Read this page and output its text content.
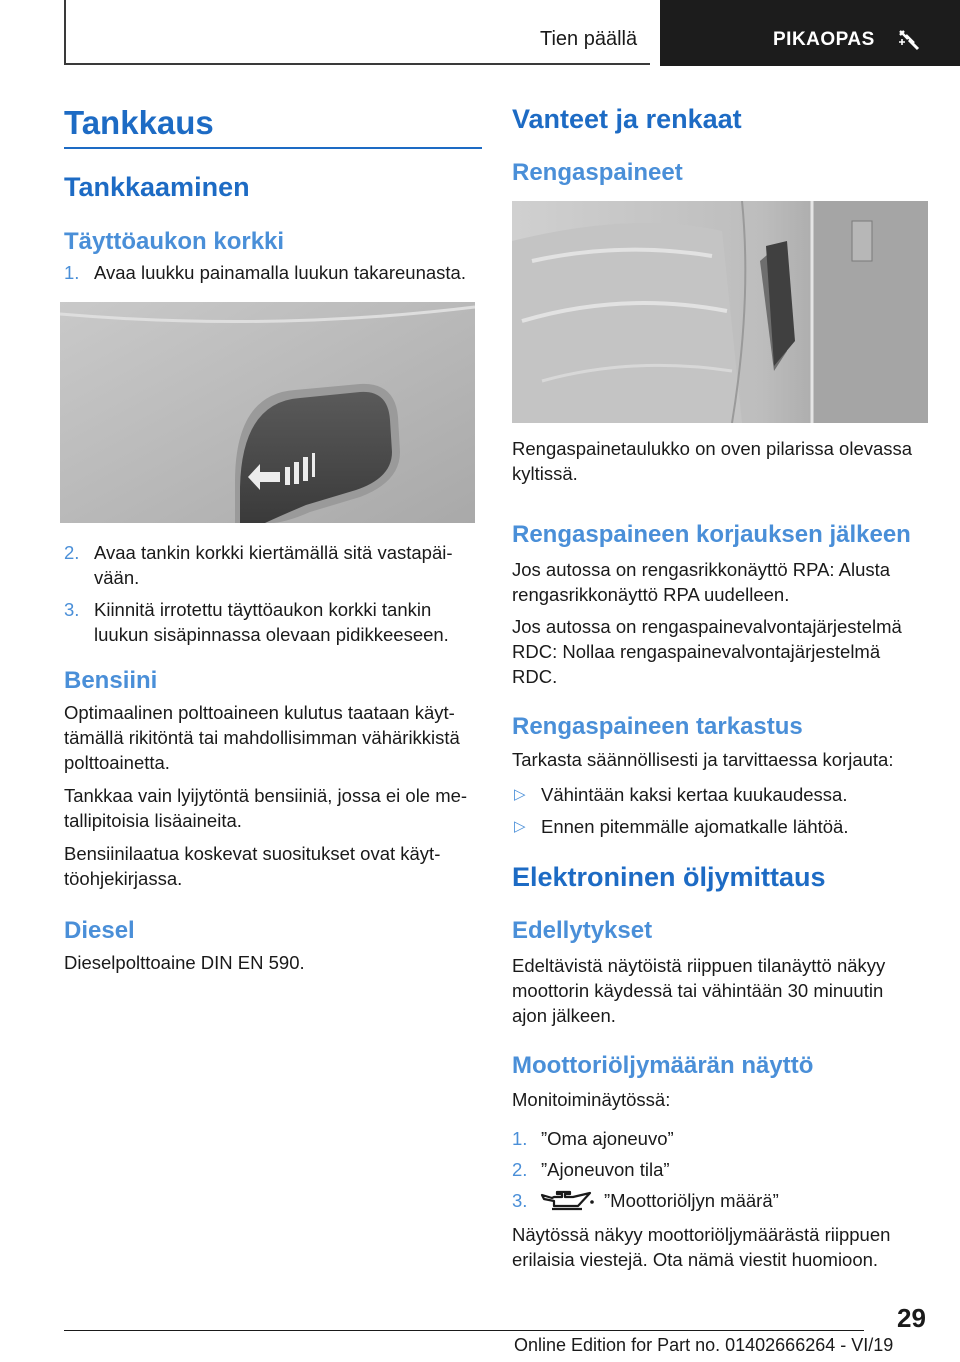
Tien päällä	PIKAOPAS
Tankkaus
Tankkaaminen
Täyttöaukon korkki
1. Avaa luukku painamalla luukun takareunasta.
2. Avaa tankin korkki kiertämällä sitä vastapäi-
vään.
3. Kiinnitä irrotettu täyttöaukon korkki tankin
luukun sisäpinnassa olevaan pidikkeeseen.
Bensiini
Optimaalinen polttoaineen kulutus taataan käyt-
tämällä rikitöntä tai mahdollisimman vähärikkistä
polttoainetta.
Tankkaa vain lyijytöntä bensiiniä, jossa ei ole me-
tallipitoisia lisäaineita.
Bensiinilaatua koskevat suositukset ovat käyt-
töohjekirjassa.
Diesel
Dieselpolttoaine DIN EN 590.
Vanteet ja renkaat
Rengaspaineet
Rengaspainetaulukko on oven pilarissa olevassa
kyltissä.
Rengaspaineen korjauksen jälkeen
Jos autossa on rengasrikkonäyttö RPA: Alusta
rengasrikkonäyttö RPA uudelleen.
Jos autossa on rengaspainevalvontajärjestelmä
RDC: Nollaa rengaspainevalvontajärjestelmä
RDC.
Rengaspaineen tarkastus
Tarkasta säännöllisesti ja tarvittaessa korjauta:
▷ Vähintään kaksi kertaa kuukaudessa.
▷ Ennen pitemmälle ajomatkalle lähtöä.
Elektroninen öljymittaus
Edellytykset
Edeltävistä näytöistä riippuen tilanäyttö näkyy
moottorin käydessä tai vähintään 30 minuutin
ajon jälkeen.
Moottoriöljymäärän näyttö
Monitoiminäytössä:
1. ”Oma ajoneuvo”
2. ”Ajoneuvon tila”
3.	”Moottoriöljyn määrä”
Näytössä näkyy moottoriöljymäärästä riippuen
erilaisia viestejä. Ota nämä viestit huomioon.
29
Online Edition for Part no. 01402666264 - VI/19
